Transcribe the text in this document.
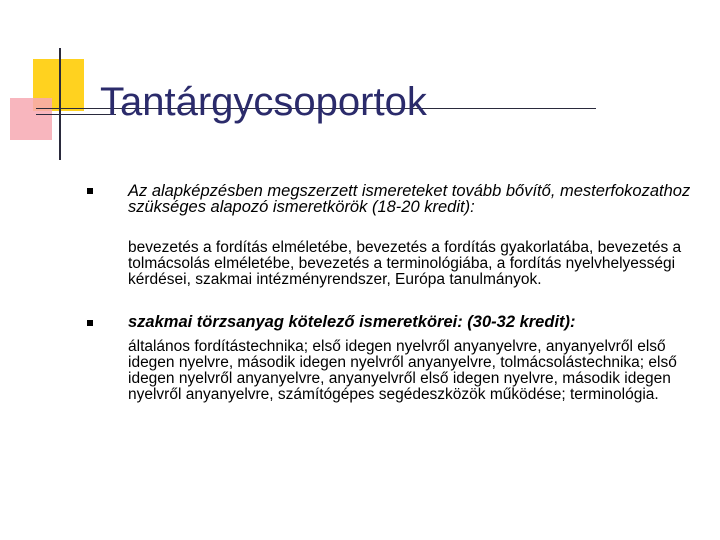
Tantárgycsoportok

Az alapképzésben megszerzett ismereteket tovább bővítő, mesterfokozathoz szükséges alapozó ismeretkörök (18-20 kredit):

bevezetés a fordítás elméletébe, bevezetés a fordítás gyakorlatába, bevezetés a tolmácsolás elméletébe, bevezetés a terminológiába, a fordítás nyelvhelyességi kérdései, szakmai intézményrendszer, Európa tanulmányok.

szakmai törzsanyag kötelező ismeretkörei: (30-32 kredit):

általános fordítástechnika; első idegen nyelvről anyanyelvre, anyanyelvről első idegen nyelvre, második idegen nyelvről anyanyelvre, tolmácsolástechnika; első idegen nyelvről anyanyelvre, anyanyelvről első idegen nyelvre, második idegen nyelvről anyanyelvre, számítógépes segédeszközök működése; terminológia.
